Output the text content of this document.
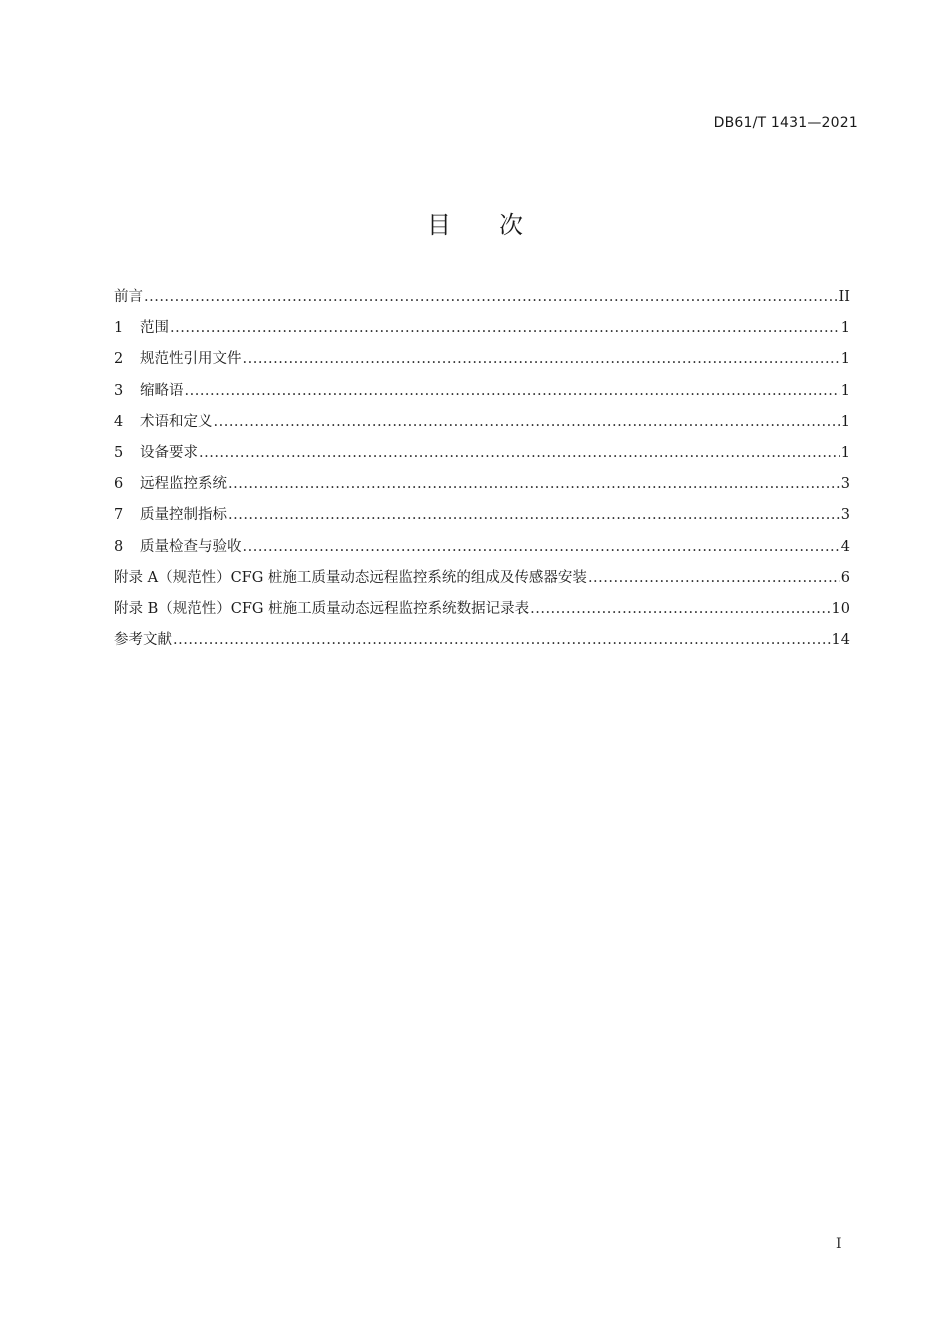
DB61/T 1431—2021
目次
前言 .....	II
1	范围 .....	1
2	规范性引用文件 .....	1
3	缩略语 .....	1
4	术语和定义 .....	1
5	设备要求 .....	1
6	远程监控系统 .....	3
7	质量控制指标 .....	3
8	质量检查与验收 .....	4
附录 A（规范性）CFG 桩施工质量动态远程监控系统的组成及传感器安装 .....	6
附录 B（规范性）CFG 桩施工质量动态远程监控系统数据记录表 .....	10
参考文献 .....	14
I
